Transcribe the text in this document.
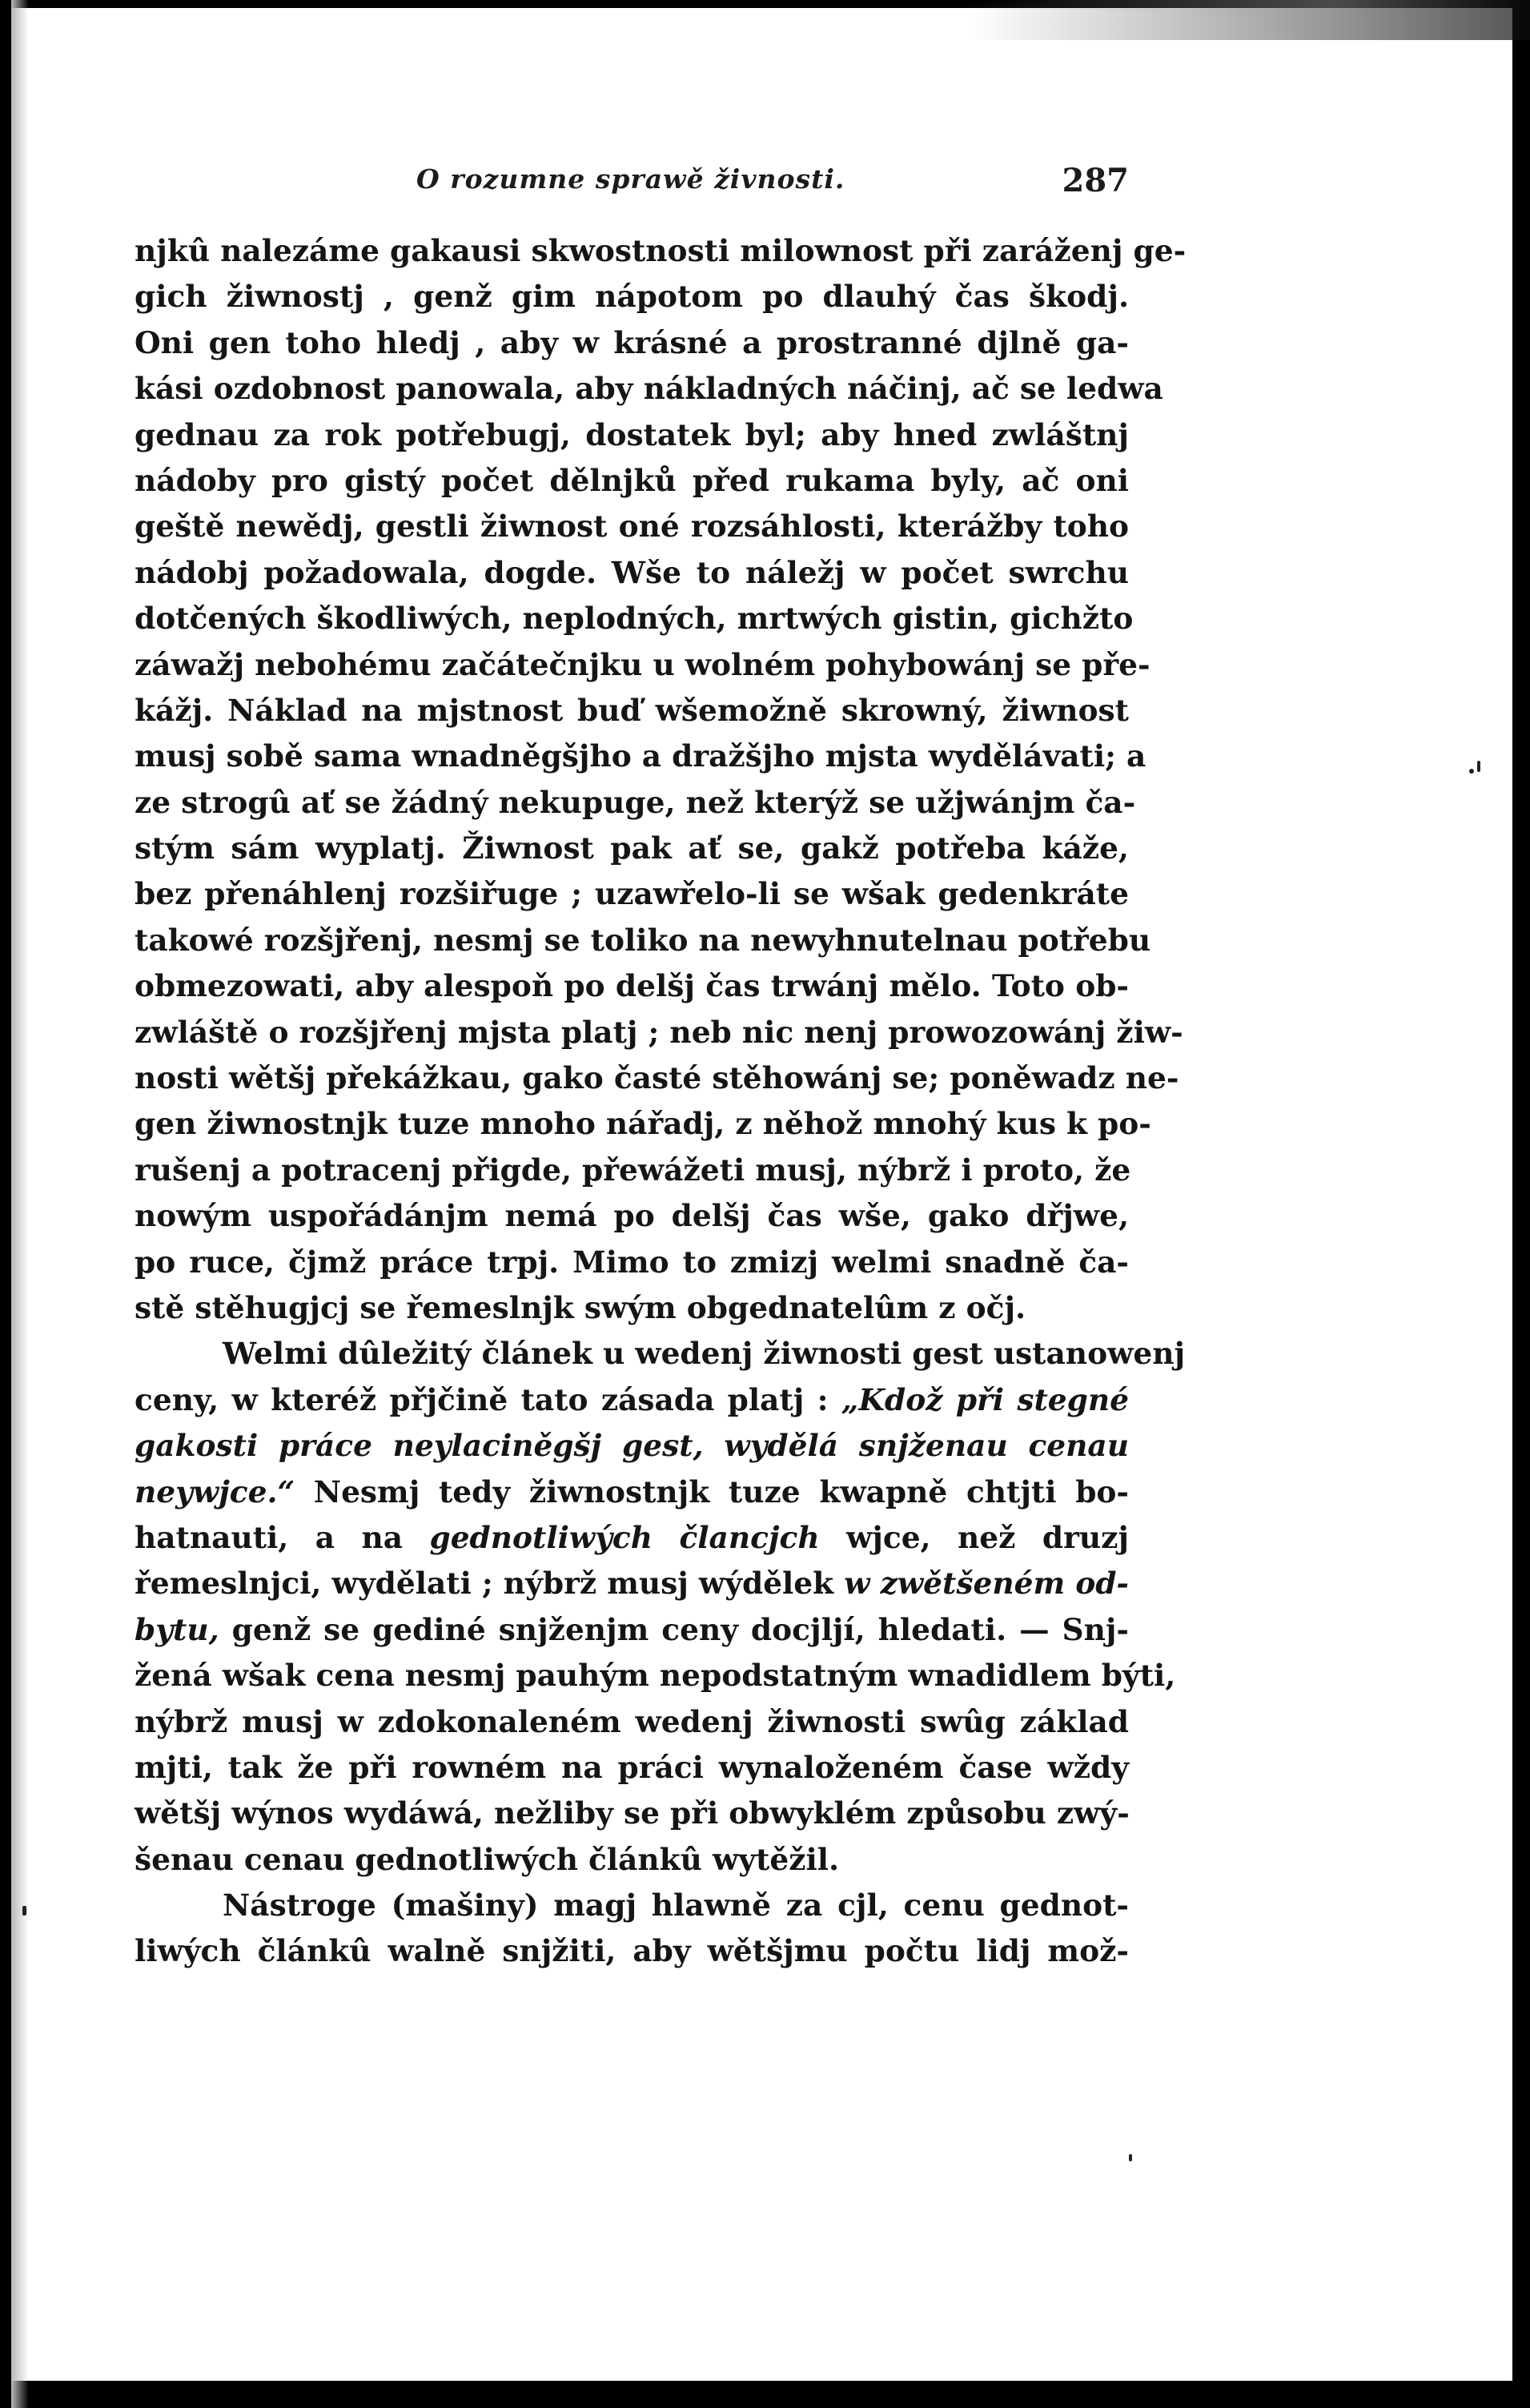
O rozumne sprawě živnosti.	287
njkû nalezáme gakausi skwostnosti milownost při zaráženj ge-
gich žiwnostj , genž gim nápotom po dlauhý čas škodj.
Oni gen toho hledj , aby w krásné a prostranné djlně ga-
kási ozdobnost panowala, aby nákladných náčinj, ač se ledwa
gednau za rok potřebugj, dostatek byl; aby hned zwláštnj
nádoby pro gistý počet dělnjků před rukama byly, ač oni
geště newědj, gestli žiwnost oné rozsáhlosti, kterážby toho
nádobj požadowala, dogde. Wše to náležj w počet swrchu
dotčených škodliwých, neplodných, mrtwých gistin, gichžto
záwažj nebohému začátečnjku u wolném pohybowánj se pře-
kážj. Náklad na mjstnost buď wšemožně skrowný, žiwnost
musj sobě sama wnadněgšjho a dražšjho mjsta wydělávati; a
ze strogû ať se žádný nekupuge, než kterýž se užjwánjm ča-
stým sám wyplatj. Žiwnost pak ať se, gakž potřeba káže,
bez přenáhlenj rozšiřuge ; uzawřelo-li se wšak gedenkráte
takowé rozšjřenj, nesmj se toliko na newyhnutelnau potřebu
obmezowati, aby alespoň po delšj čas trwánj mělo. Toto ob-
zwláště o rozšjřenj mjsta platj ; neb nic nenj prowozowánj žiw-
nosti wětšj překážkau, gako časté stěhowánj se; poněwadz ne-
gen žiwnostnjk tuze mnoho nářadj, z něhož mnohý kus k po-
rušenj a potracenj přigde, přewážeti musj, nýbrž i proto, že
nowým uspořádánjm nemá po delšj čas wše, gako dřjwe,
po ruce, čjmž práce trpj. Mimo to zmizj welmi snadně ča-
stě stěhugjcj se řemeslnjk swým obgednatelûm z očj.
Welmi dûležitý článek u wedenj žiwnosti gest ustanowenj
ceny, w kteréž přjčině tato zásada platj : „Kdož při stegné
gakosti práce neylaciněgšj gest, wydělá snjženau cenau
neywjce.“ Nesmj tedy žiwnostnjk tuze kwapně chtjti bo-
hatnauti, a na gednotliwých člancjch wjce, než druzj
řemeslnjci, wydělati ; nýbrž musj wýdělek w zwětšeném od-
bytu, genž se gediné snjženjm ceny docjljí, hledati. — Snj-
žená wšak cena nesmj pauhým nepodstatným wnadidlem býti,
nýbrž musj w zdokonaleném wedenj žiwnosti swûg základ
mjti, tak že při rowném na práci wynaloženém čase wždy
wětšj wýnos wydáwá, nežliby se při obwyklém způsobu zwý-
šenau cenau gednotliwých článkû wytěžil.
Nástroge (mašiny) magj hlawně za cjl, cenu gednot-
liwých článkû walně snjžiti, aby wětšjmu počtu lidj mož-
